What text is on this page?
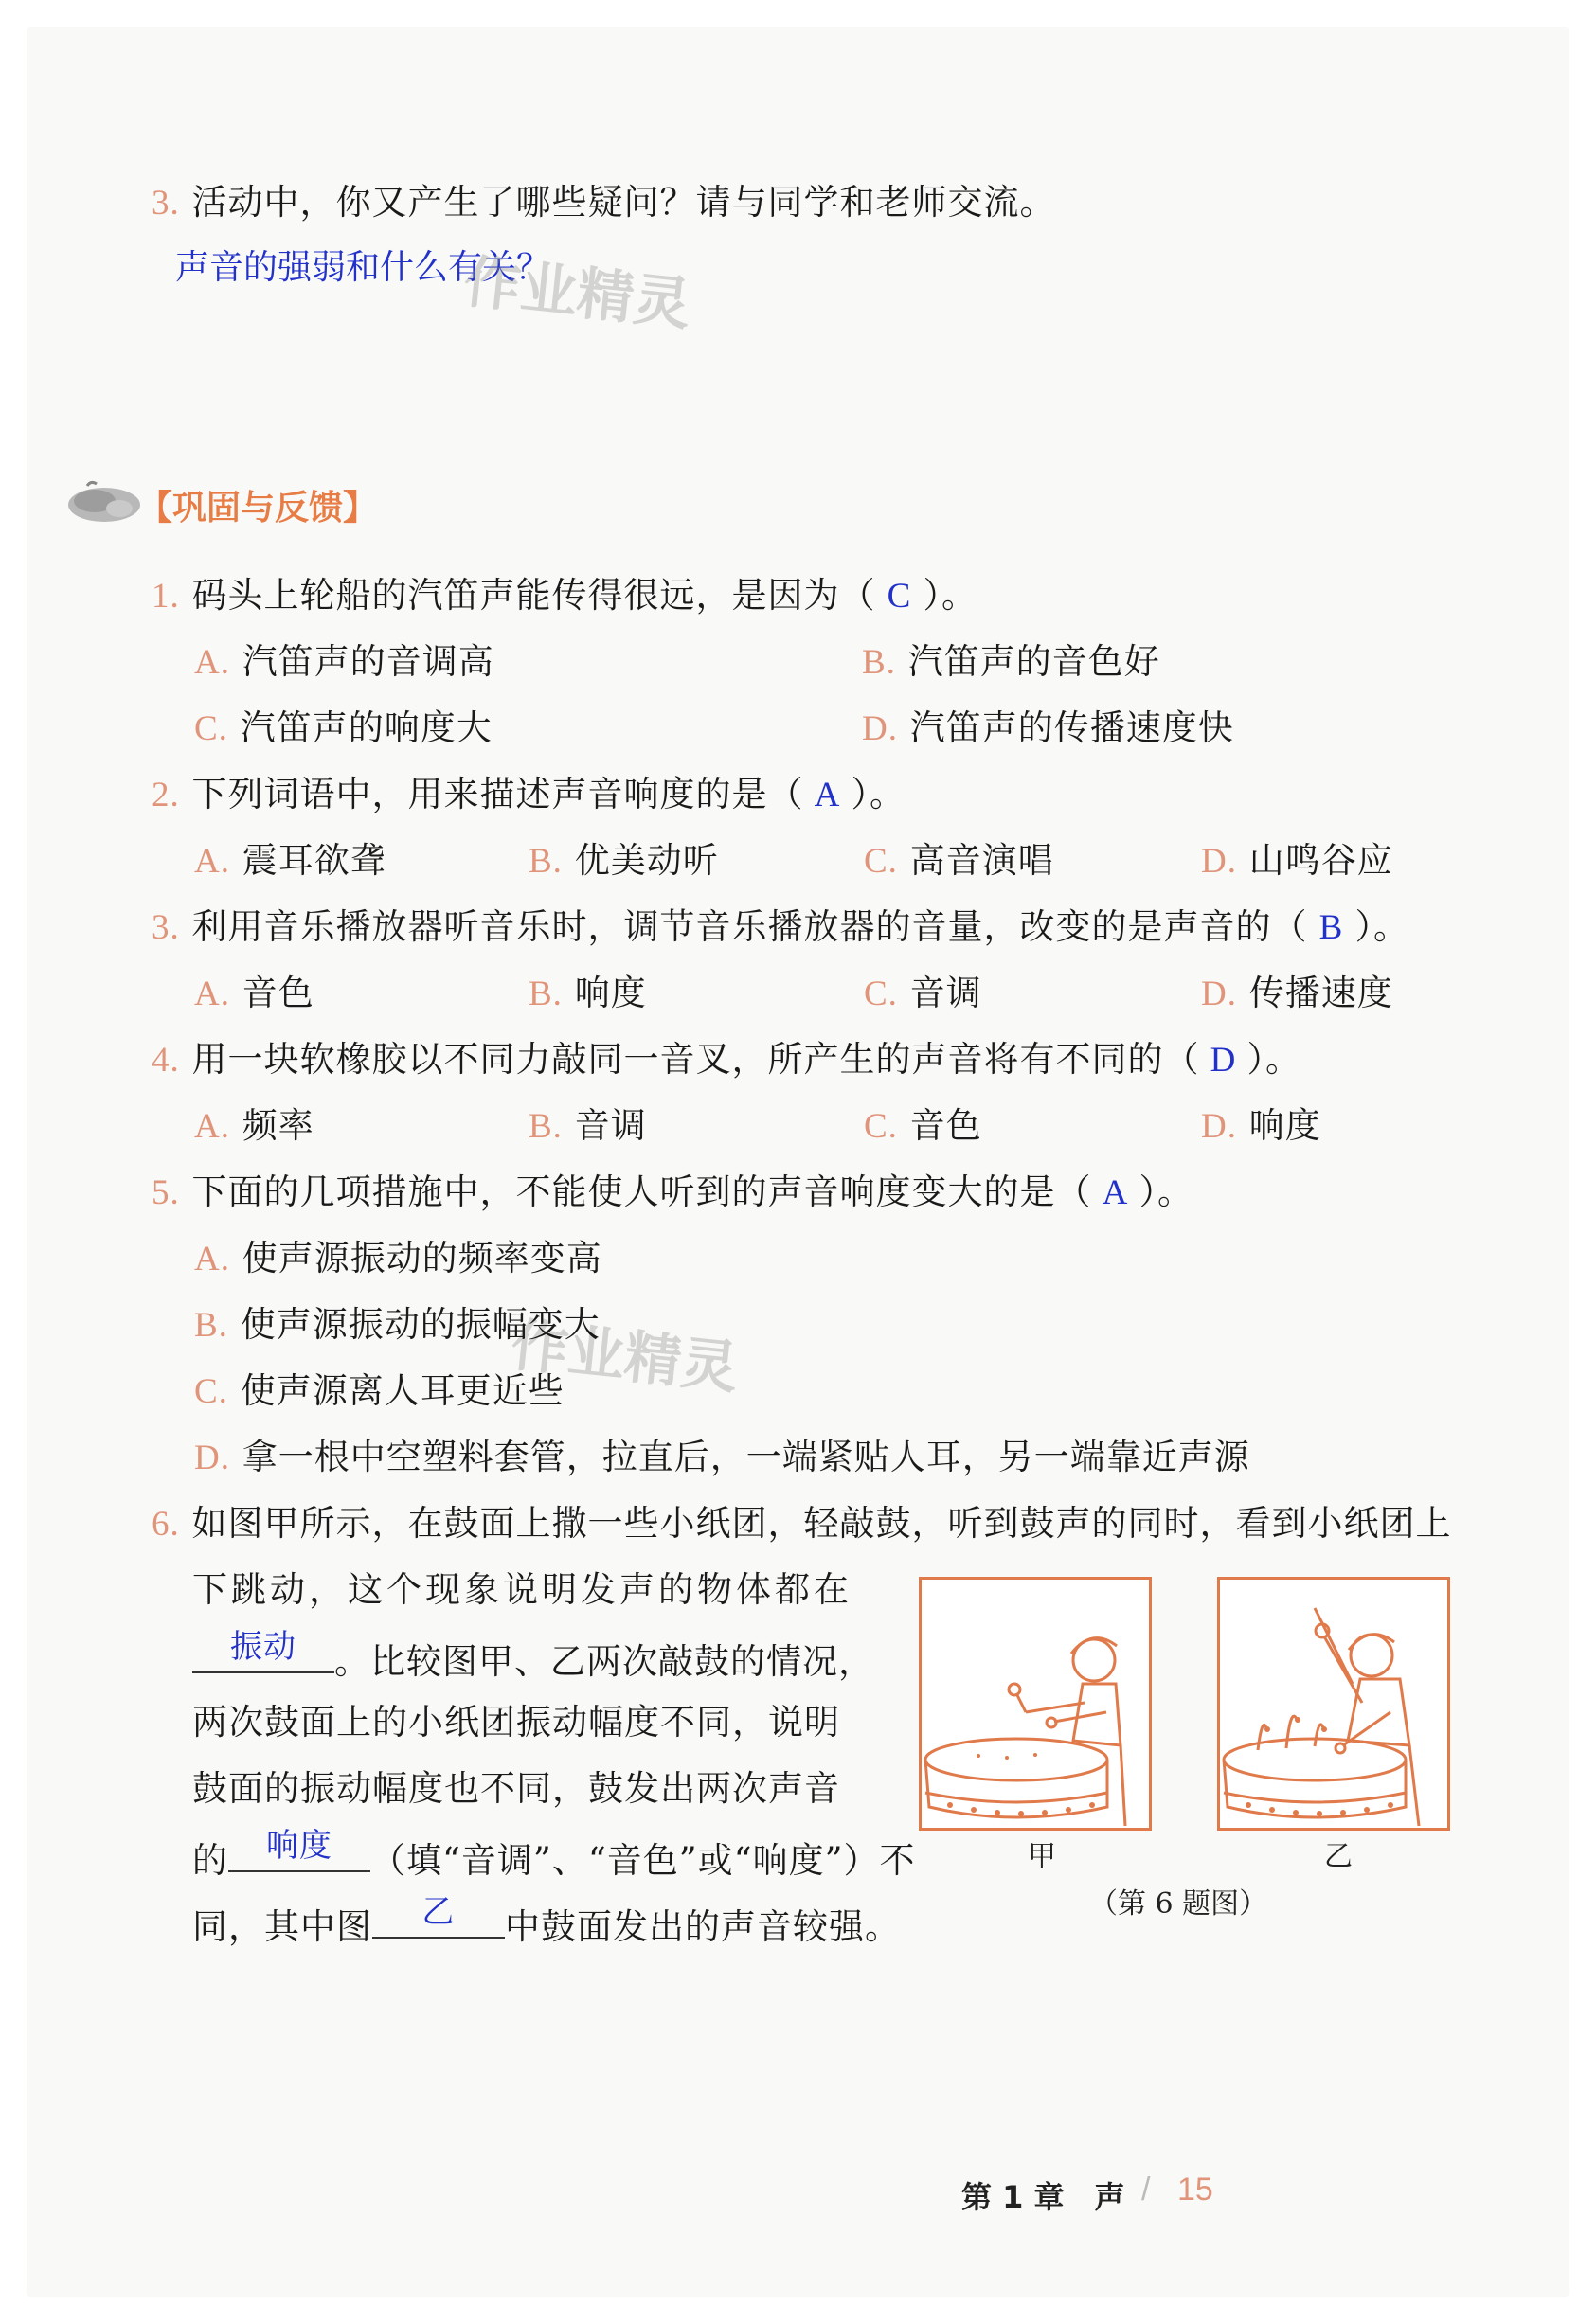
3. 活动中，你又产生了哪些疑问？请与同学和老师交流。
声音的强弱和什么有关？
作业精灵
作业精灵
【巩固与反馈】
1. 码头上轮船的汽笛声能传得很远，是因为（ C ）。
A. 汽笛声的音调高	B. 汽笛声的音色好
C. 汽笛声的响度大	D. 汽笛声的传播速度快
2. 下列词语中，用来描述声音响度的是（ A ）。
A. 震耳欲聋	B. 优美动听	C. 高音演唱	D. 山鸣谷应
3. 利用音乐播放器听音乐时，调节音乐播放器的音量，改变的是声音的（ B ）。
A. 音色	B. 响度	C. 音调	D. 传播速度
4. 用一块软橡胶以不同力敲同一音叉，所产生的声音将有不同的（ D ）。
A. 频率	B. 音调	C. 音色	D. 响度
5. 下面的几项措施中，不能使人听到的声音响度变大的是（ A ）。
A. 使声源振动的频率变高
B. 使声源振动的振幅变大
C. 使声源离人耳更近些
D. 拿一根中空塑料套管，拉直后，一端紧贴人耳，另一端靠近声源
6. 如图甲所示，在鼓面上撒一些小纸团，轻敲鼓，听到鼓声的同时，看到小纸团上
下跳动，这个现象说明发声的物体都在
振动	。比较图甲、乙两次敲鼓的情况，
两次鼓面上的小纸团振动幅度不同，说明
鼓面的振动幅度也不同，鼓发出两次声音
的	响度	（填“音调”、“音色”或“响度”）不
同，其中图	乙	中鼓面发出的声音较强。
甲	乙
（第 6 题图）
第 1 章　声 / 15
